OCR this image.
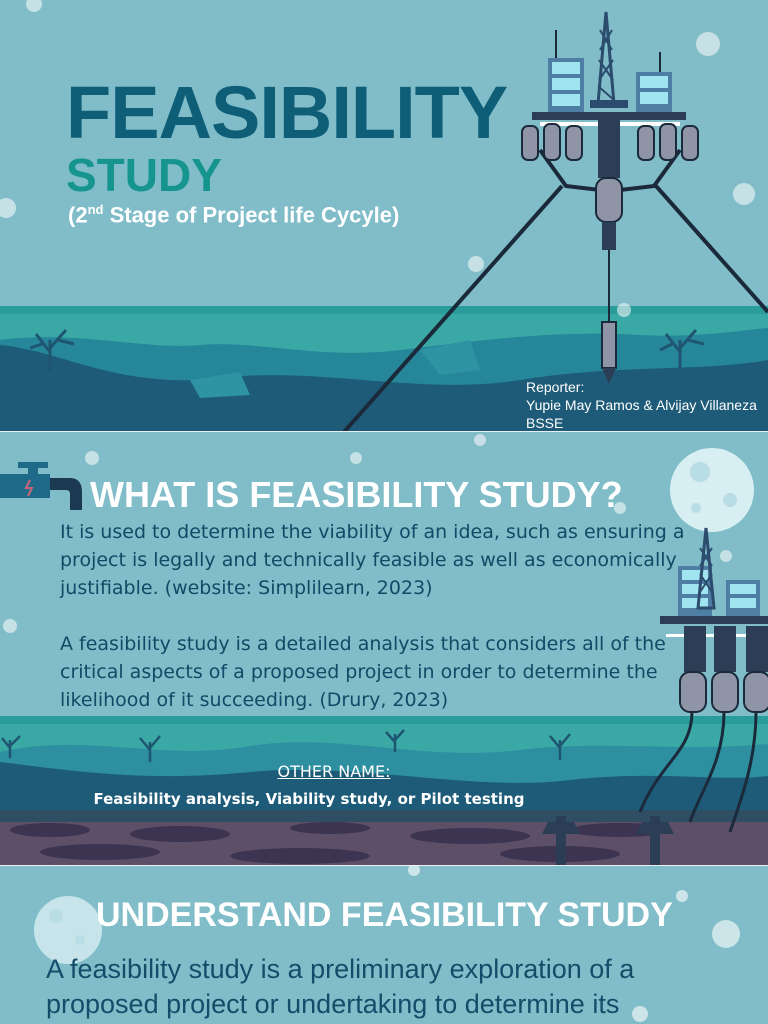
FEASIBILITY
STUDY
(2nd Stage of Project life Cycyle)
Reporter:
Yupie May Ramos & Alvijay Villaneza
BSSE
WHAT IS FEASIBILITY STUDY?

It is used to determine the viability of an idea, such as ensuring a project is legally and technically feasible as well as economically justifiable. (website: Simplilearn, 2023)

A feasibility study is a detailed analysis that considers all of the critical aspects of a proposed project in order to determine the likelihood of it succeeding. (Drury, 2023)

OTHER NAME:
Feasibility analysis, Viability study, or Pilot testing
UNDERSTAND FEASIBILITY STUDY
A feasibility study is a preliminary exploration of a proposed project or undertaking to determine its
